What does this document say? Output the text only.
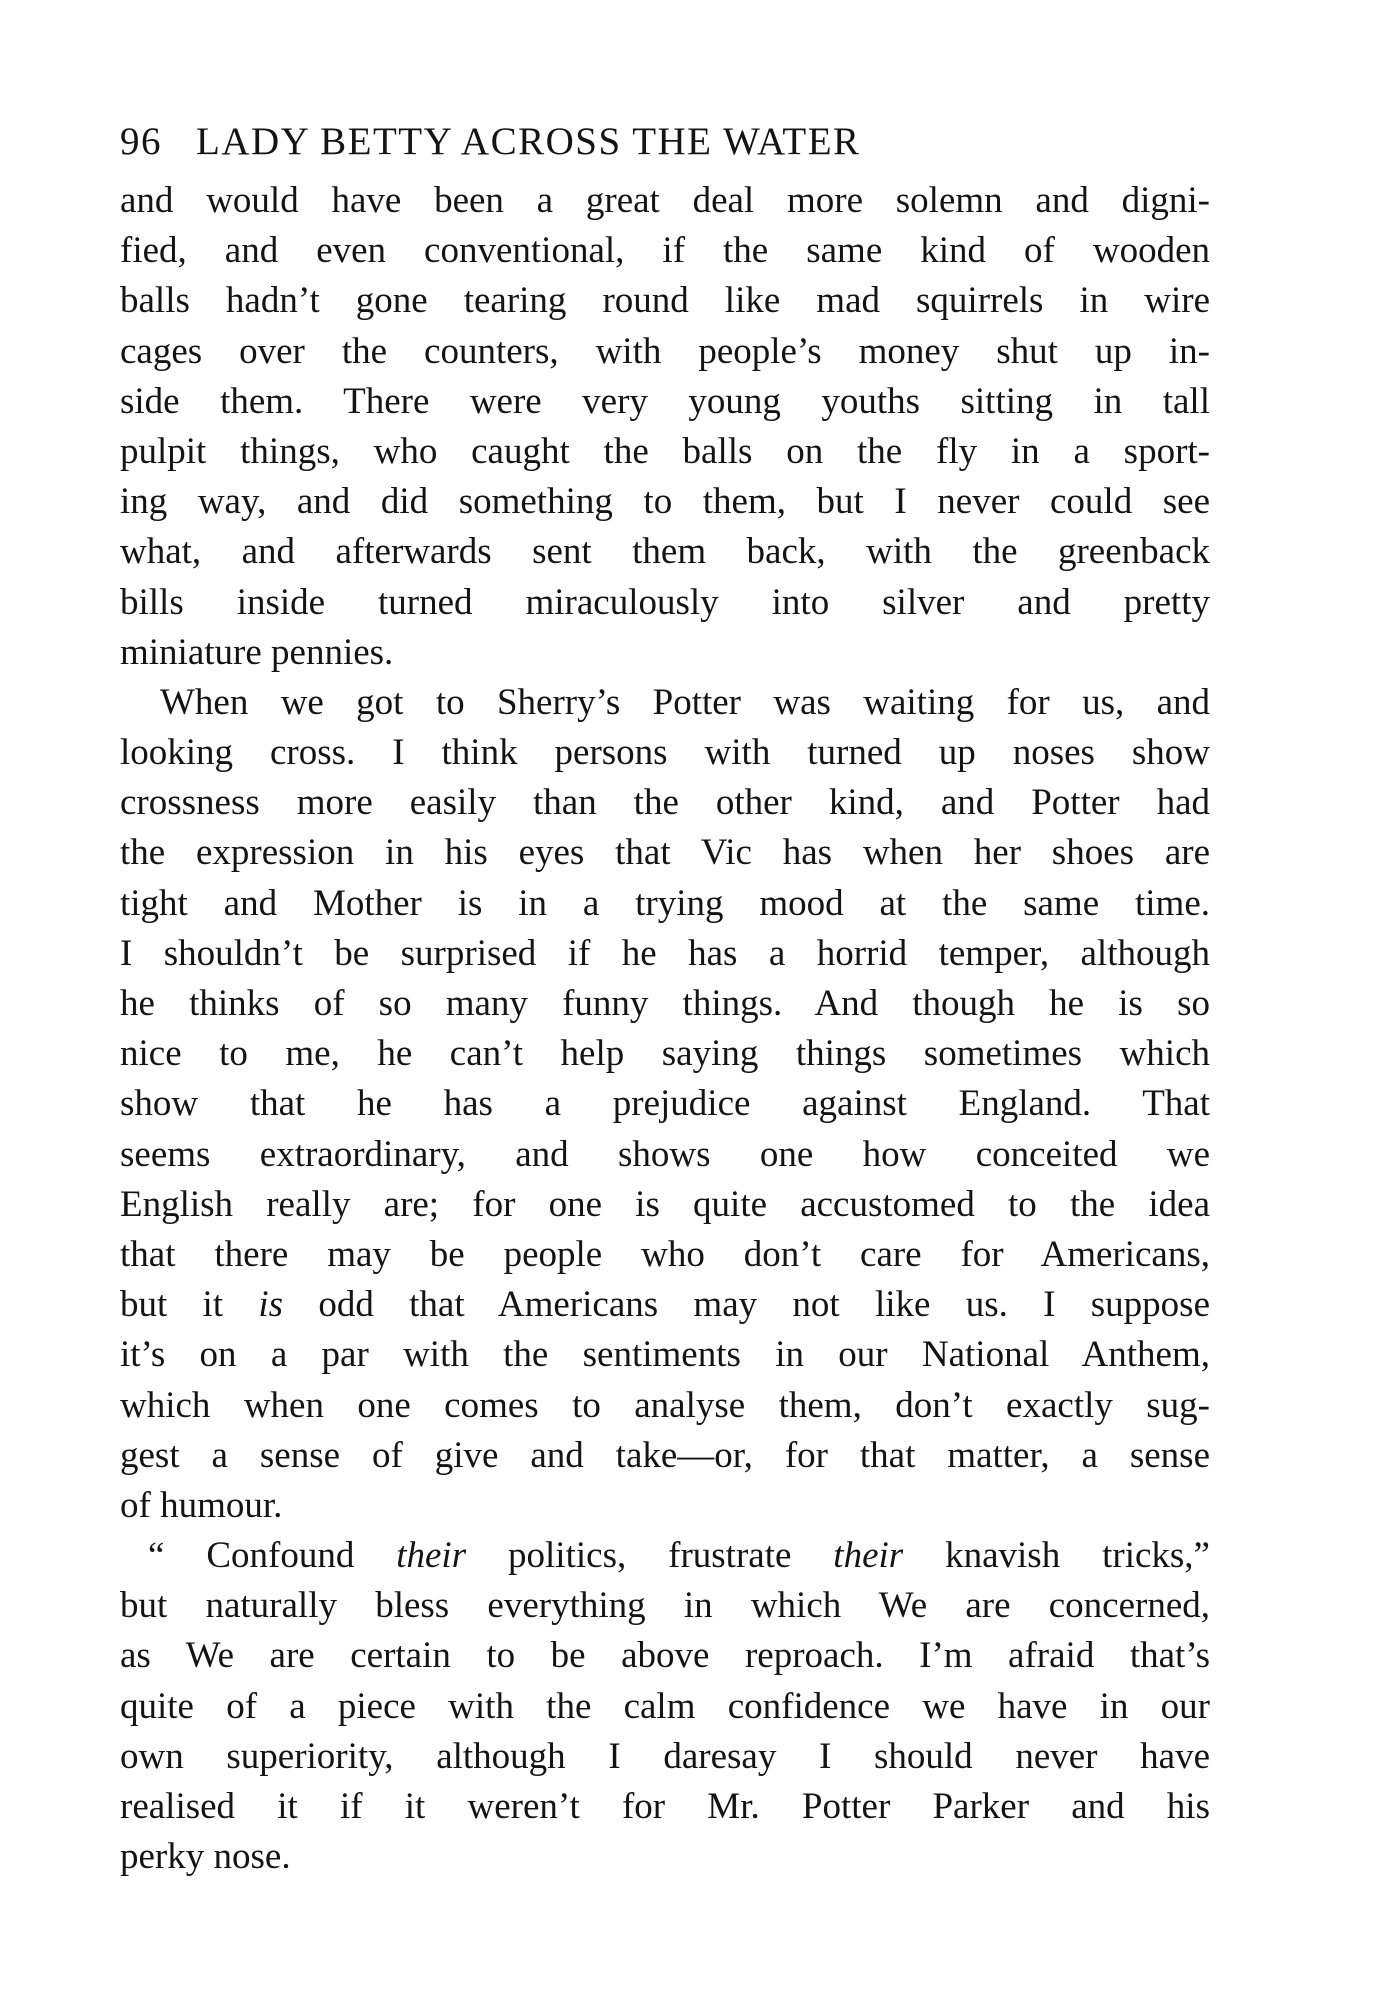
96 LADY BETTY ACROSS THE WATER
and would have been a great deal more solemn and digni-
fied, and even conventional, if the same kind of wooden
balls hadn’t gone tearing round like mad squirrels in wire
cages over the counters, with people’s money shut up in-
side them. There were very young youths sitting in tall
pulpit things, who caught the balls on the fly in a sport-
ing way, and did something to them, but I never could see
what, and afterwards sent them back, with the greenback
bills inside turned miraculously into silver and pretty
miniature pennies.
When we got to Sherry’s Potter was waiting for us, and
looking cross. I think persons with turned up noses show
crossness more easily than the other kind, and Potter had
the expression in his eyes that Vic has when her shoes are
tight and Mother is in a trying mood at the same time.
I shouldn’t be surprised if he has a horrid temper, although
he thinks of so many funny things. And though he is so
nice to me, he can’t help saying things sometimes which
show that he has a prejudice against England. That
seems extraordinary, and shows one how conceited we
English really are; for one is quite accustomed to the idea
that there may be people who don’t care for Americans,
but it is odd that Americans may not like us. I suppose
it’s on a par with the sentiments in our National Anthem,
which when one comes to analyse them, don’t exactly sug-
gest a sense of give and take—or, for that matter, a sense
of humour.
“ Confound their politics, frustrate their knavish tricks,”
but naturally bless everything in which We are concerned,
as We are certain to be above reproach. I’m afraid that’s
quite of a piece with the calm confidence we have in our
own superiority, although I daresay I should never have
realised it if it weren’t for Mr. Potter Parker and his
perky nose.
